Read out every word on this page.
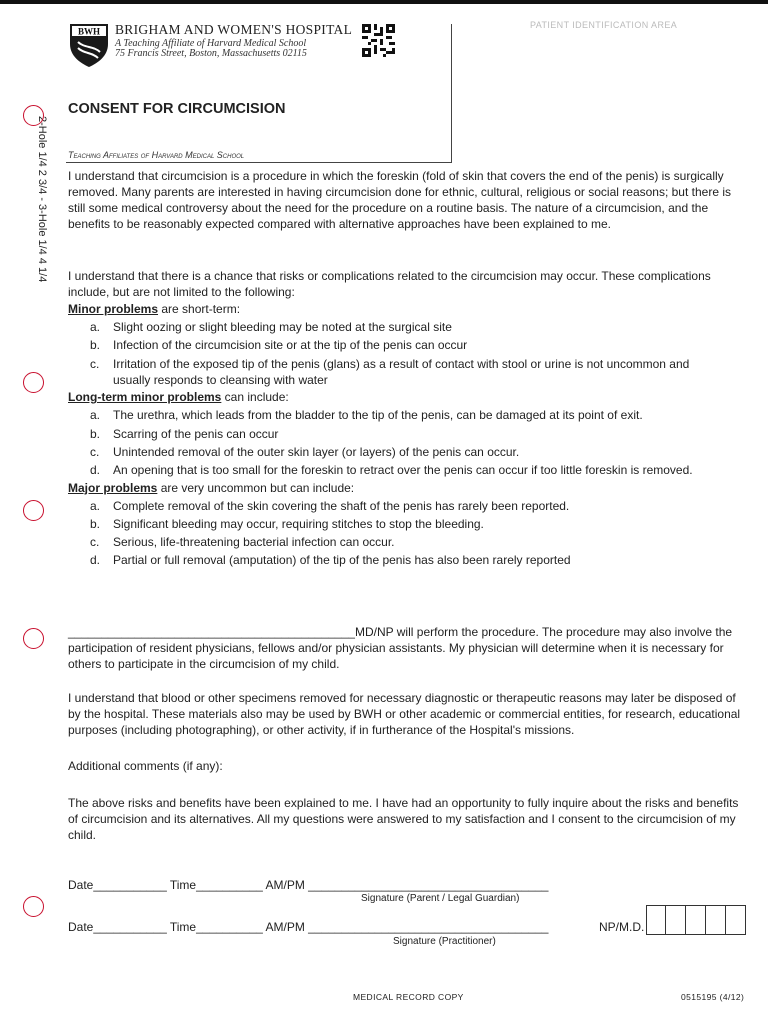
BWH BRIGHAM AND WOMEN'S HOSPITAL
A Teaching Affiliate of Harvard Medical School
75 Francis Street, Boston, Massachusetts 02115
PATIENT IDENTIFICATION AREA
2-Hole 1/4 2 3/4 - 3-Hole 1/4 4 1/4
CONSENT FOR CIRCUMCISION
Teaching Affiliates of Harvard Medical School
I understand that circumcision is a procedure in which the foreskin (fold of skin that covers the end of the penis) is surgically removed. Many parents are interested in having circumcision done for ethnic, cultural, religious or social reasons; but there is still some medical controversy about the need for the procedure on a routine basis. The nature of a circumcision, and the benefits to be reasonably expected compared with alternative approaches have been explained to me.
I understand that there is a chance that risks or complications related to the circumcision may occur. These complications include, but are not limited to the following:
Minor problems are short-term:
a. Slight oozing or slight bleeding may be noted at the surgical site
b. Infection of the circumcision site or at the tip of the penis can occur
c. Irritation of the exposed tip of the penis (glans) as a result of contact with stool or urine is not uncommon and usually responds to cleansing with water
Long-term minor problems can include:
a. The urethra, which leads from the bladder to the tip of the penis, can be damaged at its point of exit.
b. Scarring of the penis can occur
c. Unintended removal of the outer skin layer (or layers) of the penis can occur.
d. An opening that is too small for the foreskin to retract over the penis can occur if too little foreskin is removed.
Major problems are very uncommon but can include:
a. Complete removal of the skin covering the shaft of the penis has rarely been reported.
b. Significant bleeding may occur, requiring stitches to stop the bleeding.
c. Serious, life-threatening bacterial infection can occur.
d. Partial or full removal (amputation) of the tip of the penis has also been rarely reported
___________________________________________MD/NP will perform the procedure. The procedure may also involve the participation of resident physicians, fellows and/or physician assistants. My physician will determine when it is necessary for others to participate in the circumcision of my child.
I understand that blood or other specimens removed for necessary diagnostic or therapeutic reasons may later be disposed of by the hospital. These materials also may be used by BWH or other academic or commercial entities, for research, educational purposes (including photographing), or other activity, if in furtherance of the Hospital's missions.
Additional comments (if any):
The above risks and benefits have been explained to me. I have had an opportunity to fully inquire about the risks and benefits of circumcision and its alternatives. All my questions were answered to my satisfaction and I consent to the circumcision of my child.
Date___________ Time__________ AM/PM ____________________________________
Signature (Parent / Legal Guardian)
Date___________ Time__________ AM/PM ____________________________________
Signature (Practitioner)
NP/M.D.
MEDICAL RECORD COPY	0515195 (4/12)
